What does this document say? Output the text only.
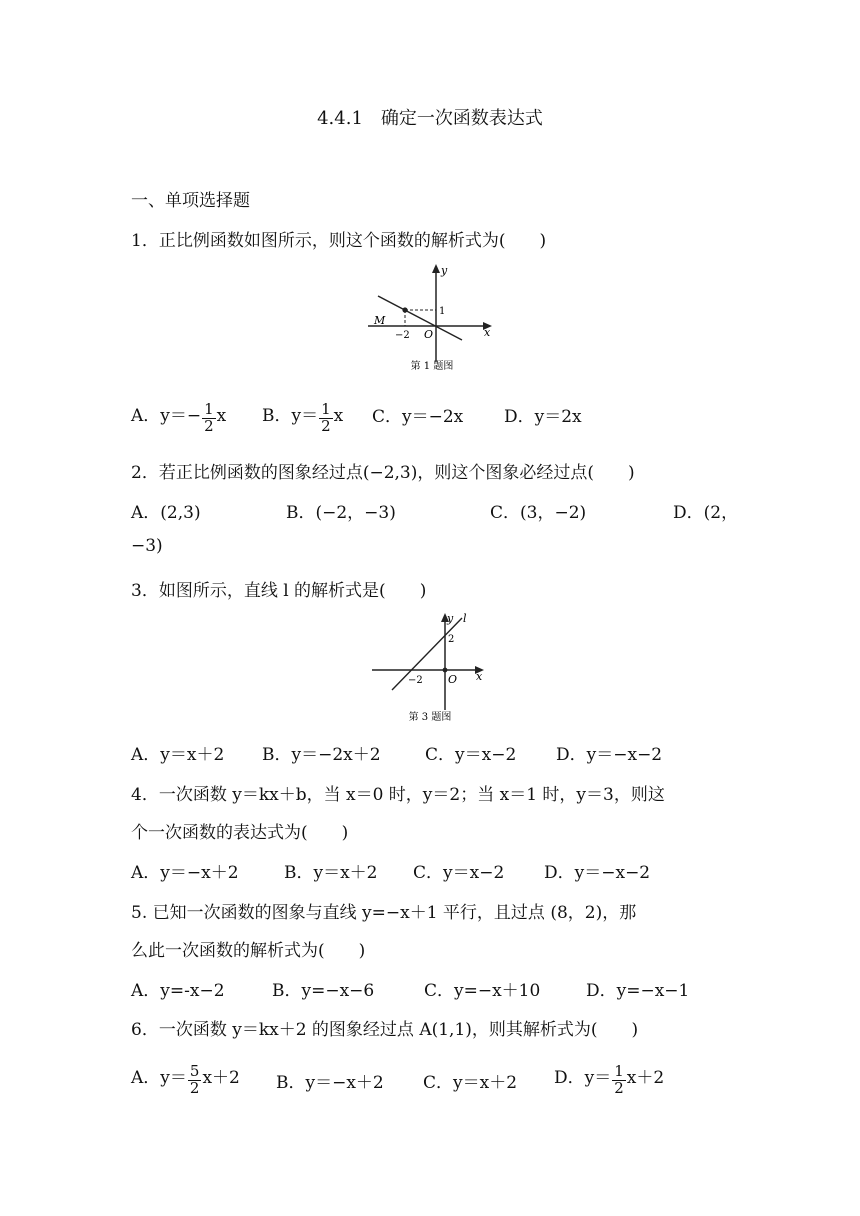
4.4.1　确定一次函数表达式
一、单项选择题
1．正比例函数如图所示，则这个函数的解析式为(　　)
y
x
1
M
−2 O
第 1 题图
A．$y=- \frac{1}{2}$ x B．$y= \frac{1}{2}$ x C．y＝−2x D．y＝2x
2．若正比例函数的图象经过点(−2,3)，则这个图象必经过点(　　)
A．(2,3)	B．(−2，−3)	C．(3，−2)	D．(2，
−3)
3．如图所示，直线 l 的解析式是(　　)
y l
2
−2 O x
第 3 题图
A．y＝x＋2 B．y＝−2x＋2	C．y＝x−2 D．y＝−x−2
4．一次函数 y＝kx＋b，当 x＝0 时，y＝2；当 x＝1 时，y＝3，则这
个一次函数的表达式为(　　)
A．y＝−x＋2	B．y＝x＋2 C．y＝x−2 D．y＝−x−2
5. 已知一次函数的图象与直线 y=−x＋1 平行，且过点 (8，2)，那
么此一次函数的解析式为(　　)
A．y=-x−2	B．y=−x−6	C．y=−x＋10	D．y=−x−1
6．一次函数 y＝kx＋2 的图象经过点 A(1,1)，则其解析式为(　　)
A．$y= \frac{5}{2} x+2$ B．y＝−x＋2 C．y＝x＋2 D．$y= \frac{1}{2} x+2$
